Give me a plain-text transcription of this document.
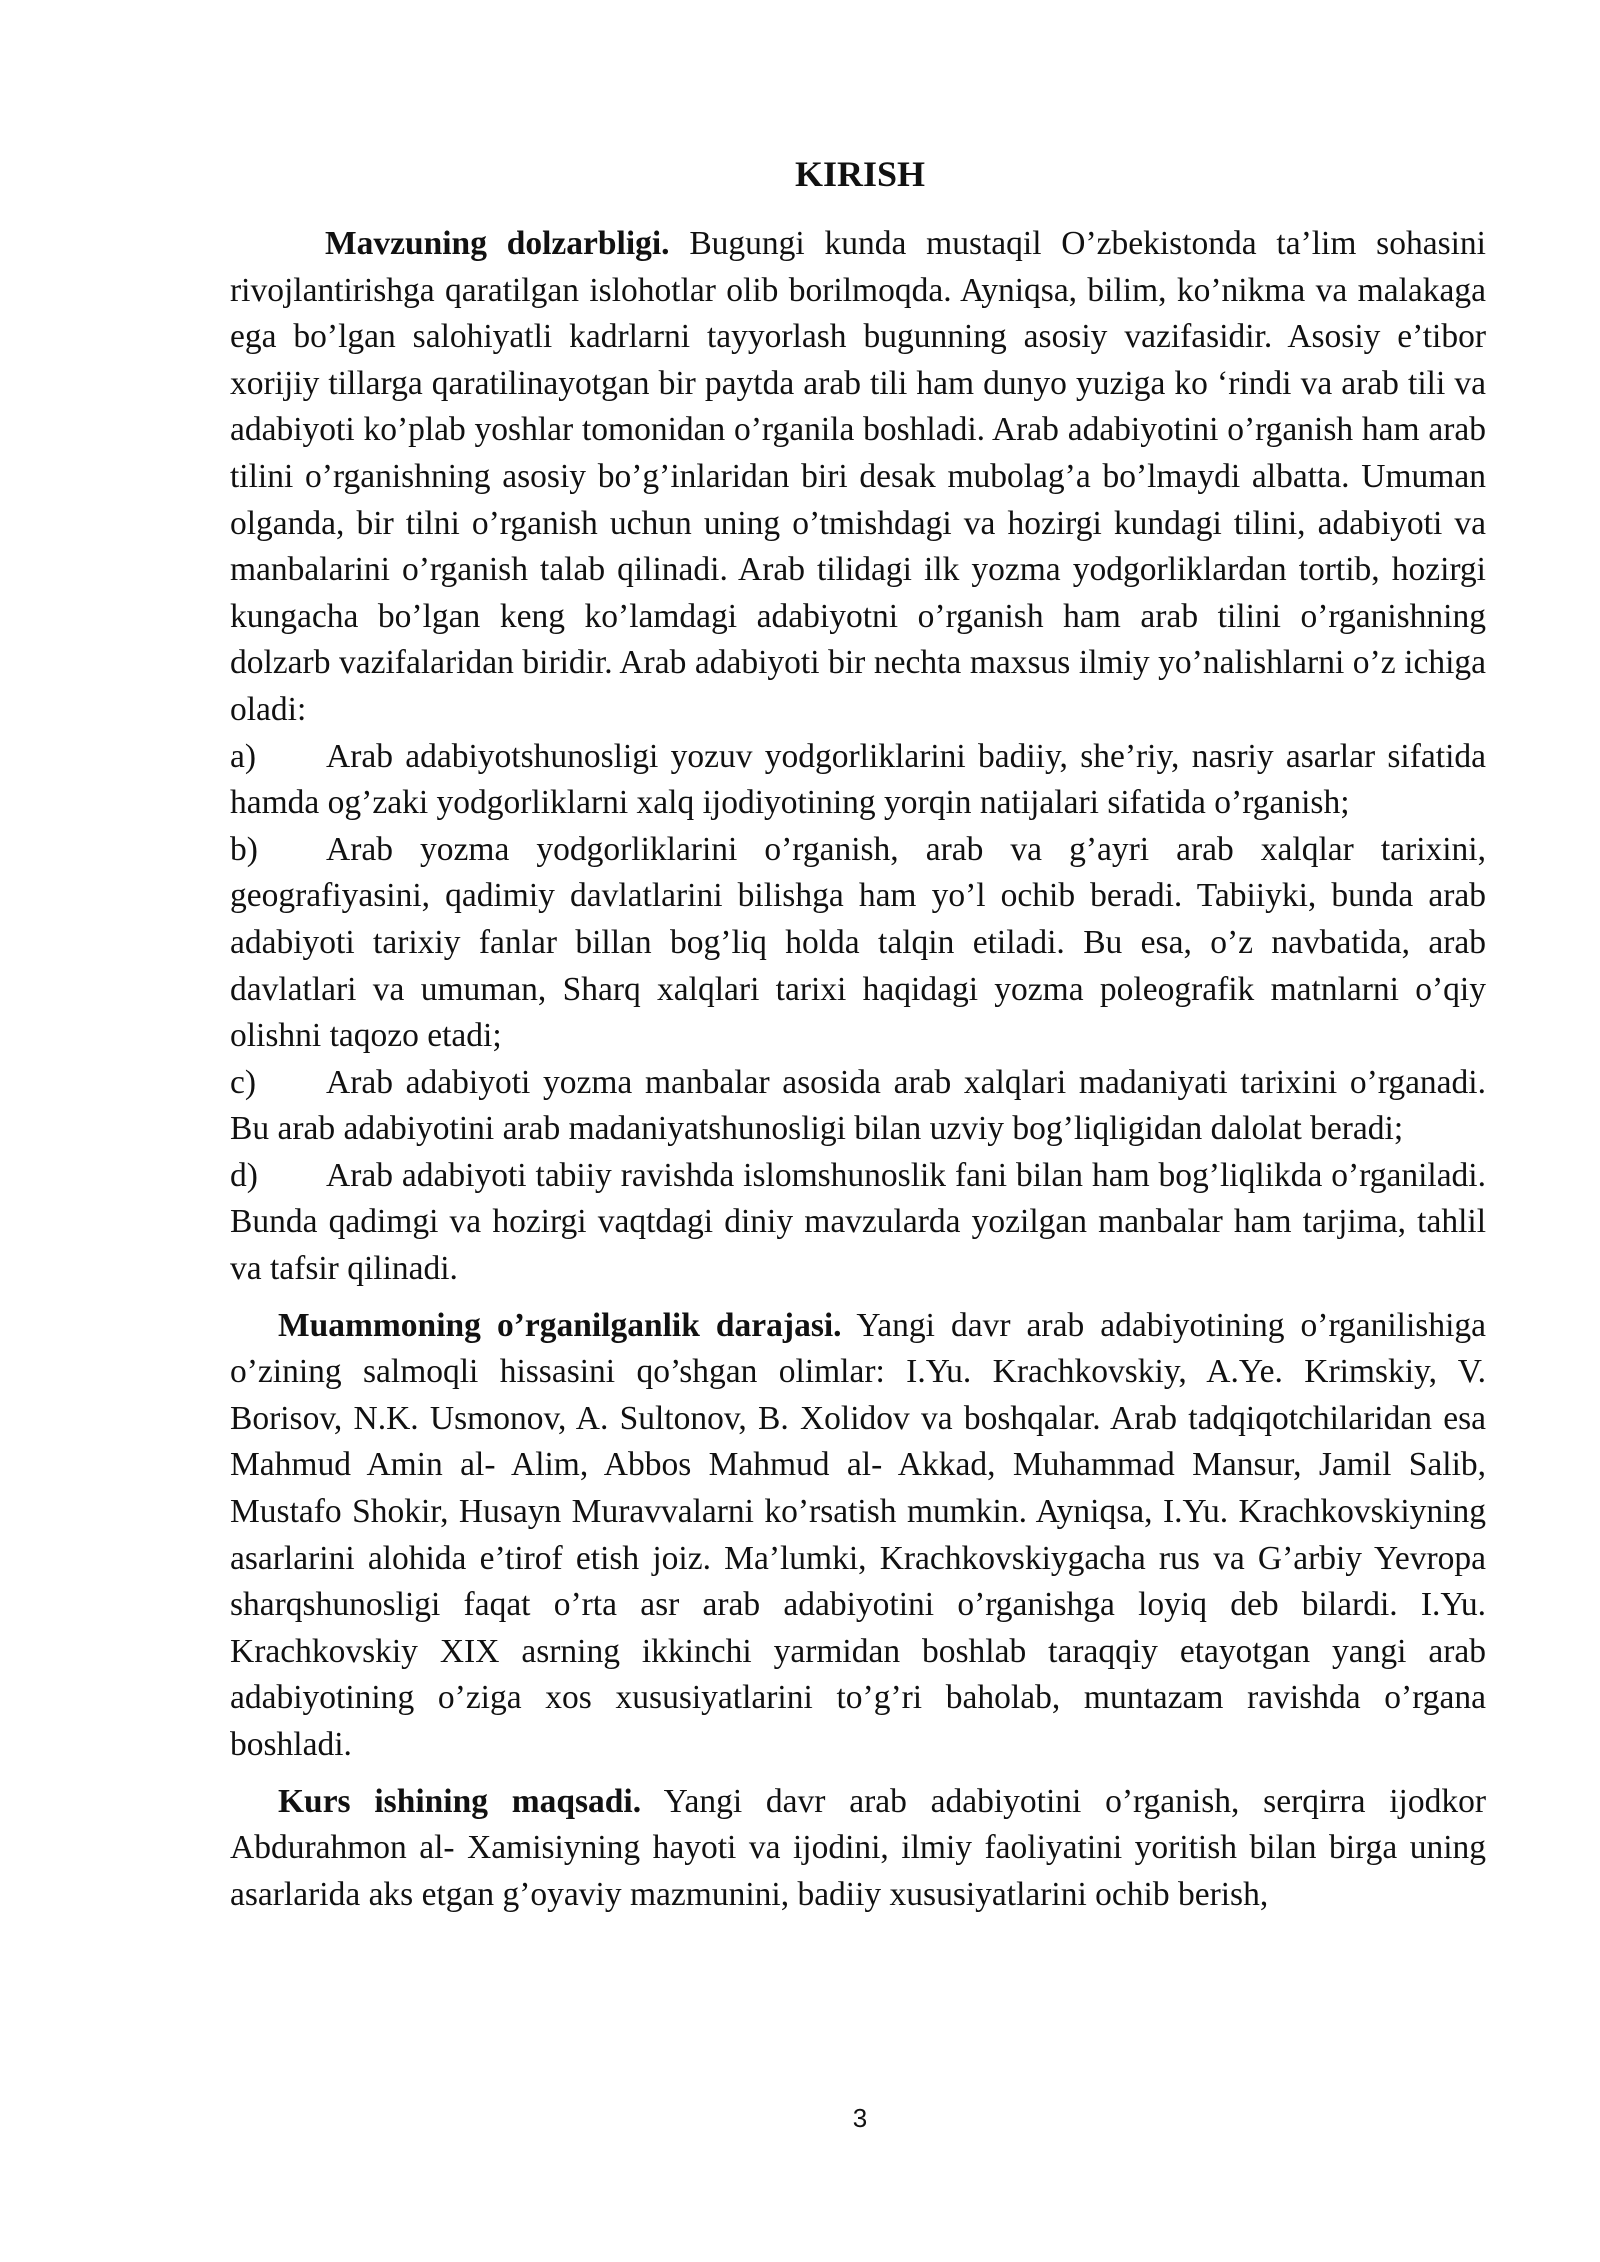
KIRISH

Mavzuning dolzarbligi. Bugungi kunda mustaqil O’zbekistonda ta’lim sohasini rivojlantirishga qaratilgan islohotlar olib borilmoqda. Ayniqsa, bilim, ko’nikma va malakaga ega bo’lgan salohiyatli kadrlarni tayyorlash bugunning asosiy vazifasidir. Asosiy e’tibor xorijiy tillarga qaratilinayotgan bir paytda arab tili ham dunyo yuziga ko ‘rindi va arab tili va adabiyoti ko’plab yoshlar tomonidan o’rganila boshladi. Arab adabiyotini o’rganish ham arab tilini o’rganishning asosiy bo’g’inlaridan biri desak mubolag’a bo’lmaydi albatta. Umuman olganda, bir tilni o’rganish uchun uning o’tmishdagi va hozirgi kundagi tilini, adabiyoti va manbalarini o’rganish talab qilinadi. Arab tilidagi ilk yozma yodgorliklardan tortib, hozirgi kungacha bo’lgan keng ko’lamdagi adabiyotni o’rganish ham arab tilini o’rganishning dolzarb vazifalaridan biridir. Arab adabiyoti bir nechta maxsus ilmiy yo’nalishlarni o’z ichiga oladi:

a) Arab adabiyotshunosligi yozuv yodgorliklarini badiiy, she’riy, nasriy asarlar sifatida hamda og’zaki yodgorliklarni xalq ijodiyotining yorqin natijalari sifatida o’rganish;

b) Arab yozma yodgorliklarini o’rganish, arab va g’ayri arab xalqlar tarixini, geografiyasini, qadimiy davlatlarini bilishga ham yo’l ochib beradi. Tabiiyki, bunda arab adabiyoti tarixiy fanlar billan bog’liq holda talqin etiladi. Bu esa, o’z navbatida, arab davlatlari va umuman, Sharq xalqlari tarixi haqidagi yozma poleografik matnlarni o’qiy olishni taqozo etadi;

c) Arab adabiyoti yozma manbalar asosida arab xalqlari madaniyati tarixini o’rganadi. Bu arab adabiyotini arab madaniyatshunosligi bilan uzviy bog’liqligidan dalolat beradi;

d) Arab adabiyoti tabiiy ravishda islomshunoslik fani bilan ham bog’liqlikda o’rganiladi. Bunda qadimgi va hozirgi vaqtdagi diniy mavzularda yozilgan manbalar ham tarjima, tahlil va tafsir qilinadi.

Muammoning o’rganilganlik darajasi. Yangi davr arab adabiyotining o’rganilishiga o’zining salmoqli hissasini qo’shgan olimlar: I.Yu. Krachkovskiy, A.Ye. Krimskiy, V. Borisov, N.K. Usmonov, A. Sultonov, B. Xolidov va boshqalar. Arab tadqiqotchilaridan esa Mahmud Amin al- Alim, Abbos Mahmud al- Akkad, Muhammad Mansur, Jamil Salib, Mustafo Shokir, Husayn Muravvalarni ko’rsatish mumkin. Ayniqsa, I.Yu. Krachkovskiyning asarlarini alohida e’tirof etish joiz. Ma’lumki, Krachkovskiygacha rus va G’arbiy Yevropa sharqshunosligi faqat o’rta asr arab adabiyotini o’rganishga loyiq deb bilardi. I.Yu. Krachkovskiy XIX asrning ikkinchi yarmidan boshlab taraqqiy etayotgan yangi arab adabiyotining o’ziga xos xususiyatlarini to’g’ri baholab, muntazam ravishda o’rgana boshladi.

Kurs ishining maqsadi. Yangi davr arab adabiyotini o’rganish, serqirra ijodkor Abdurahmon al- Xamisiyning hayoti va ijodini, ilmiy faoliyatini yoritish bilan birga uning asarlarida aks etgan g’oyaviy mazmunini, badiiy xususiyatlarini ochib berish,

3
